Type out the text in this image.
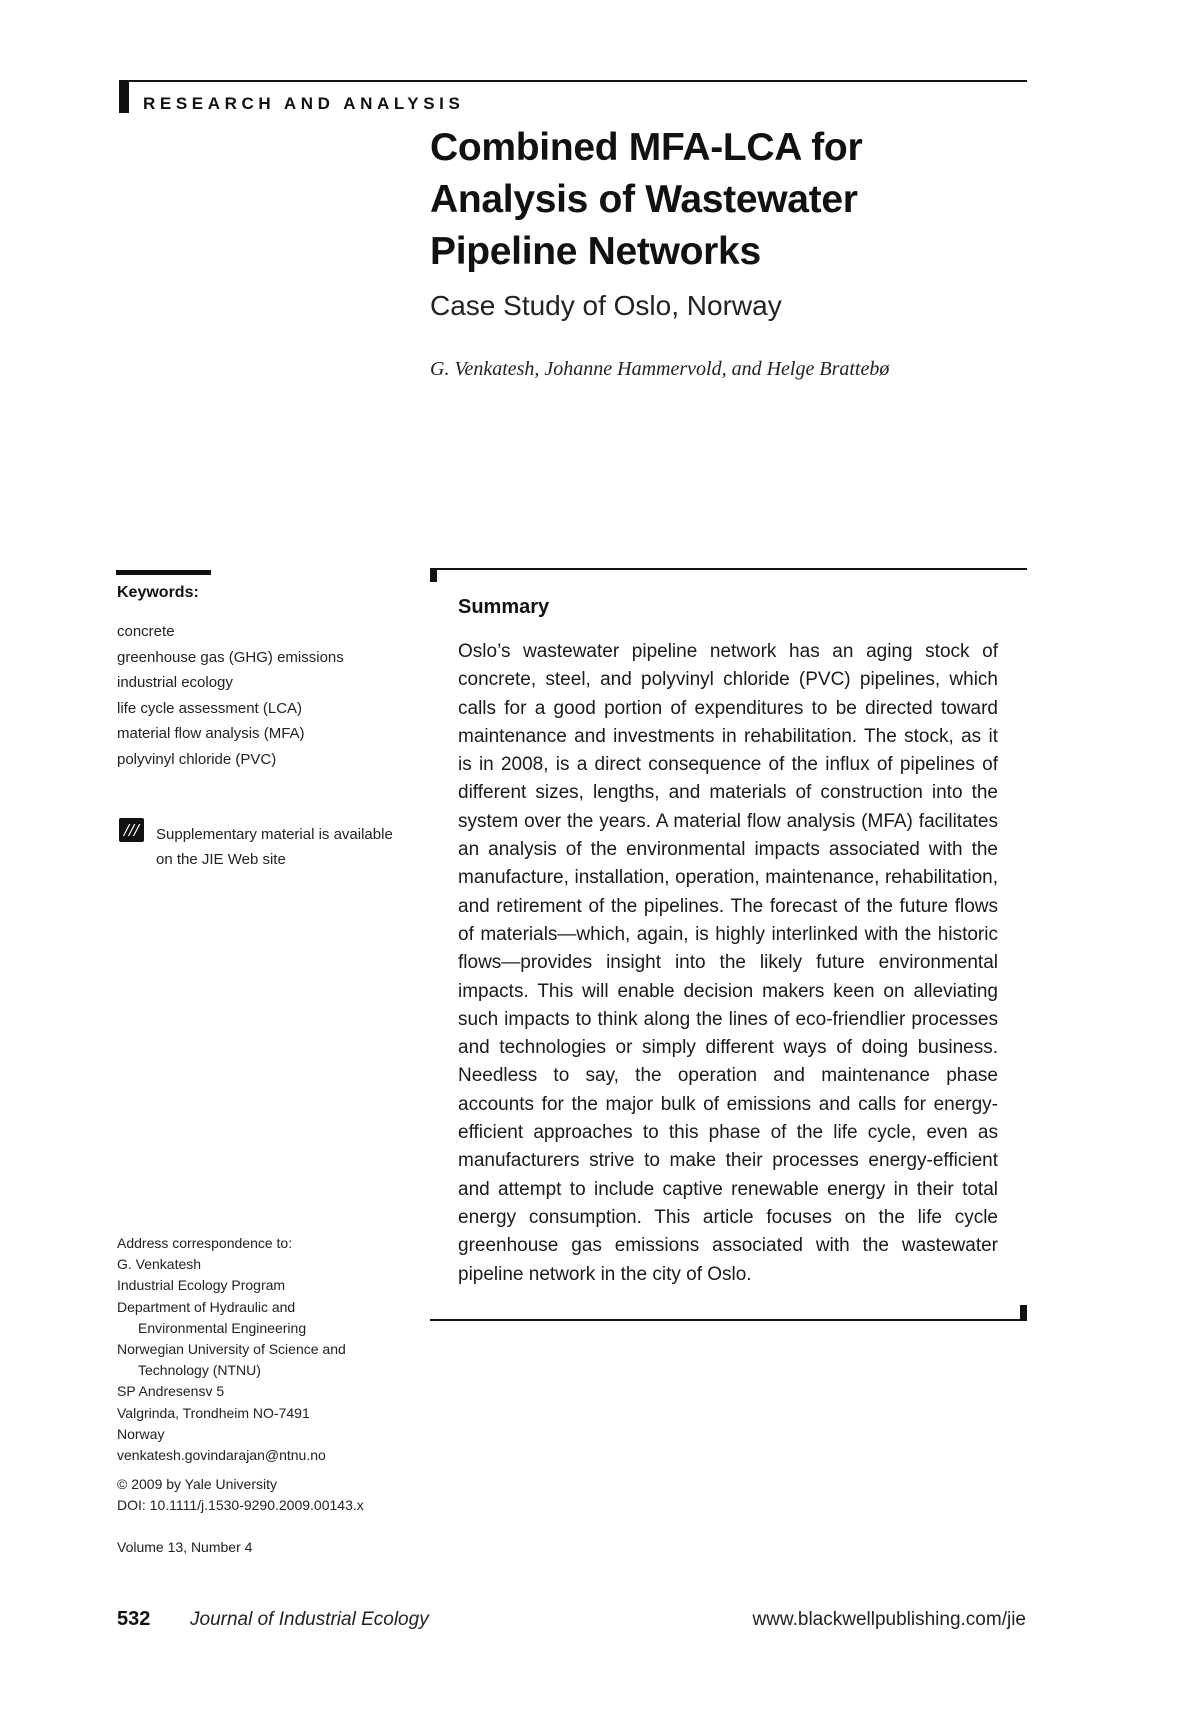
RESEARCH AND ANALYSIS
Combined MFA-LCA for
Analysis of Wastewater
Pipeline Networks
Case Study of Oslo, Norway
G. Venkatesh, Johanne Hammervold, and Helge Brattebø
Keywords:
concrete
greenhouse gas (GHG) emissions
industrial ecology
life cycle assessment (LCA)
material flow analysis (MFA)
polyvinyl chloride (PVC)
///	Supplementary material is available
on the JIE Web site
Summary
Oslo’s wastewater pipeline network has an aging stock of concrete, steel, and polyvinyl chloride (PVC) pipelines, which calls for a good portion of expenditures to be directed toward maintenance and investments in rehabilitation. The stock, as it is in 2008, is a direct consequence of the influx of pipelines of different sizes, lengths, and materials of construction into the system over the years. A material flow analysis (MFA) facilitates an analysis of the environmental impacts associated with the manufacture, installation, operation, maintenance, rehabilitation, and retirement of the pipelines. The forecast of the future flows of materials—which, again, is highly interlinked with the historic flows—provides insight into the likely future environmental impacts. This will enable decision makers keen on alleviating such impacts to think along the lines of eco-friendlier processes and technologies or simply different ways of doing business. Needless to say, the operation and maintenance phase accounts for the major bulk of emissions and calls for energy-efficient approaches to this phase of the life cycle, even as manufacturers strive to make their processes energy-efficient and attempt to include captive renewable energy in their total energy consumption. This article focuses on the life cycle greenhouse gas emissions associated with the wastewater pipeline network in the city of Oslo.
Address correspondence to:
G. Venkatesh
Industrial Ecology Program
Department of Hydraulic and
Environmental Engineering
Norwegian University of Science and
Technology (NTNU)
SP Andresensv 5
Valgrinda, Trondheim NO-7491
Norway
venkatesh.govindarajan@ntnu.no
© 2009 by Yale University
DOI: 10.1111/j.1530-9290.2009.00143.x
Volume 13, Number 4
532 Journal of Industrial Ecology	www.blackwellpublishing.com/jie
